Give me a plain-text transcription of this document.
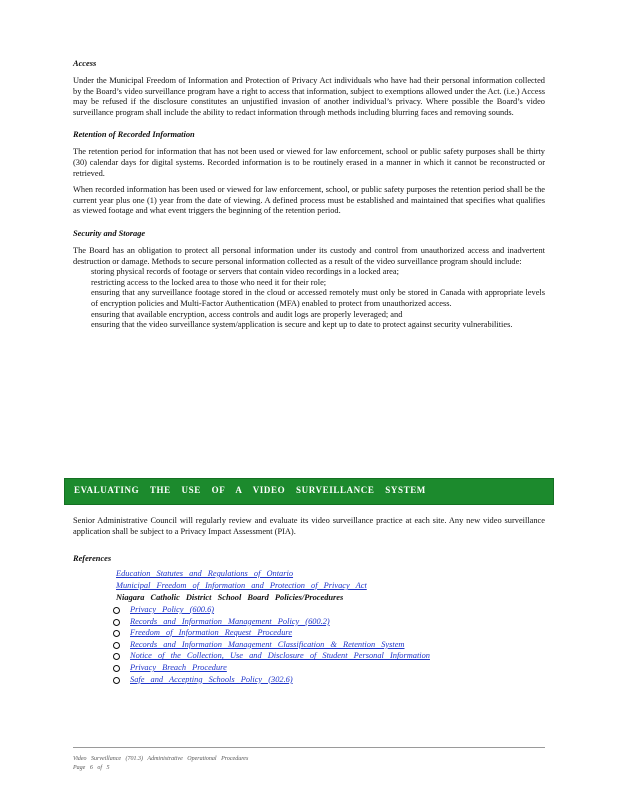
Access

Under the Municipal Freedom of Information and Protection of Privacy Act individuals who have had their personal information collected by the Board’s video surveillance program have a right to access that information, subject to exemptions allowed under the Act. (i.e.) Access may be refused if the disclosure constitutes an unjustified invasion of another individual’s privacy. Where possible the Board’s video surveillance program shall include the ability to redact information through methods including blurring faces and removing sounds.

Retention of Recorded Information

The retention period for information that has not been used or viewed for law enforcement, school or public safety purposes shall be thirty (30) calendar days for digital systems. Recorded information is to be routinely erased in a manner in which it cannot be reconstructed or retrieved.

When recorded information has been used or viewed for law enforcement, school, or public safety purposes the retention period shall be the current year plus one (1) year from the date of viewing. A defined process must be established and maintained that specifies what qualifies as viewed footage and what event triggers the beginning of the retention period.

Security and Storage

The Board has an obligation to protect all personal information under its custody and control from unauthorized access and inadvertent destruction or damage. Methods to secure personal information collected as a result of the video surveillance program should include:

storing physical records of footage or servers that contain video recordings in a locked area;
restricting access to the locked area to those who need it for their role;
ensuring that any surveillance footage stored in the cloud or accessed remotely must only be stored in Canada with appropriate levels of encryption policies and Multi-Factor Authentication (MFA) enabled to protect from unauthorized access.
ensuring that available encryption, access controls and audit logs are properly leveraged; and
ensuring that the video surveillance system/application is secure and kept up to date to protect against security vulnerabilities.
EVALUATING THE USE OF A VIDEO SURVEILLANCE SYSTEM

Senior Administrative Council will regularly review and evaluate its video surveillance practice at each site. Any new video surveillance application shall be subject to a Privacy Impact Assessment (PIA).

References
Education Statutes and Regulations of Ontario
Municipal Freedom of Information and Protection of Privacy Act
Niagara Catholic District School Board Policies/Procedures
Privacy Policy (600.6)
Records and Information Management Policy (600.2)
Freedom of Information Request Procedure
Records and Information Management Classification & Retention System
Notice of the Collection, Use and Disclosure of Student Personal Information
Privacy Breach Procedure
Safe and Accepting Schools Policy (302.6)
Video Surveillance (701.3) Administrative Operational Procedures
Page 6 of 5
